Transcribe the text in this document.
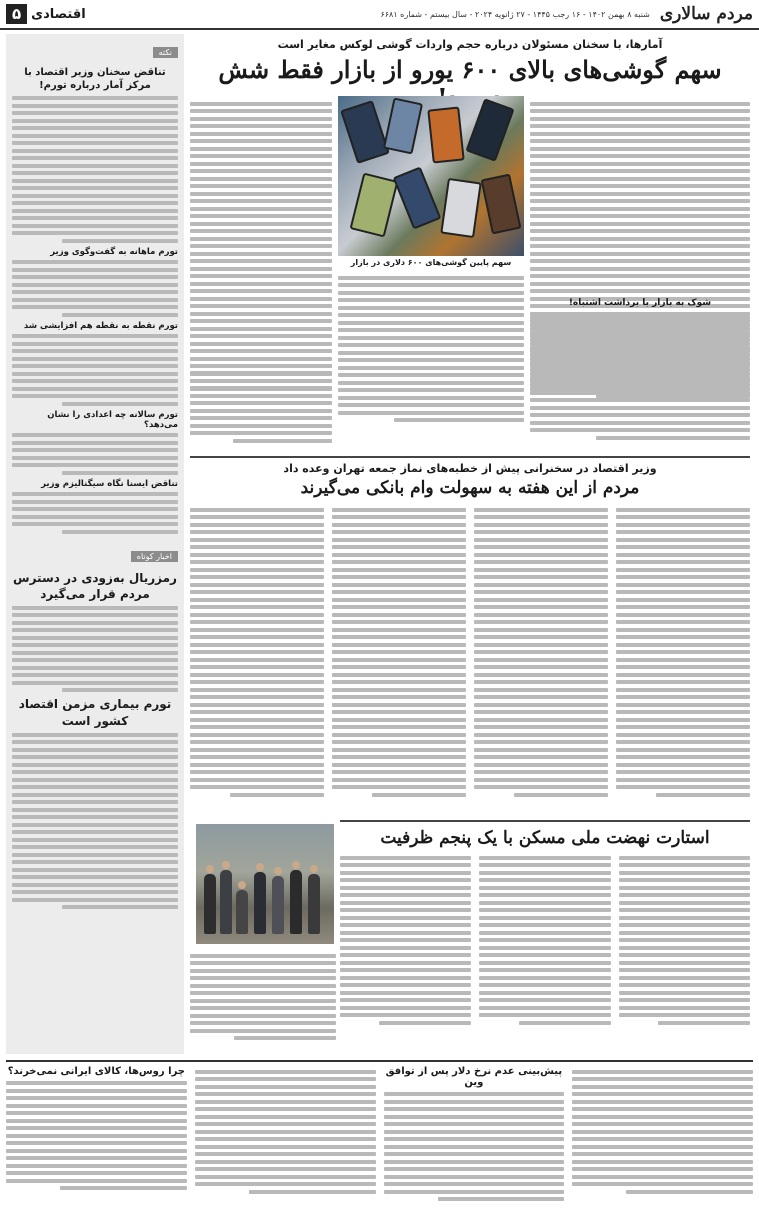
مردم سالاری
شنبه ۸ بهمن ۱۴۰۲ - ۱۶ رجب ۱۴۴۵ - ۲۷ ژانویه ۲۰۲۴ - سال بیستم - شماره ۶۶۸۱
اقتصادی
۵
نکته
تناقض سخنان وزیر اقتصاد با مرکز آمار درباره تورم!
تورم ماهانه به گفت‌وگوی وزیر
تورم نقطه به نقطه هم افزایشی شد
تورم سالانه چه اعدادی را نشان می‌دهد؟
تناقض ایسنا نگاه سیگنالیزم وزیر
اخبار کوتاه
رمزریال به‌زودی در دسترس مردم قرار می‌گیرد
تورم بیماری مزمن اقتصاد کشور است
آمارها، با سخنان مسئولان درباره حجم واردات گوشی لوکس مغایر است
سهم گوشی‌های بالای ۶۰۰ یورو از بازار فقط شش
سهم پایین گوشی‌های ۶۰۰ دلاری در بازار
شوک به بازار با برداشت اشتباه!
وزیر اقتصاد در سخنرانی پیش از خطبه‌های نماز جمعه تهران وعده داد
مردم از این هفته به سهولت وام بانکی می‌گیرند
استارت نهضت ملی مسکن با یک پنجم ظرفیت
پیش‌بینی عدم نرخ دلار پس از توافق وین
چرا روس‌ها، کالای ایرانی نمی‌خرند؟
